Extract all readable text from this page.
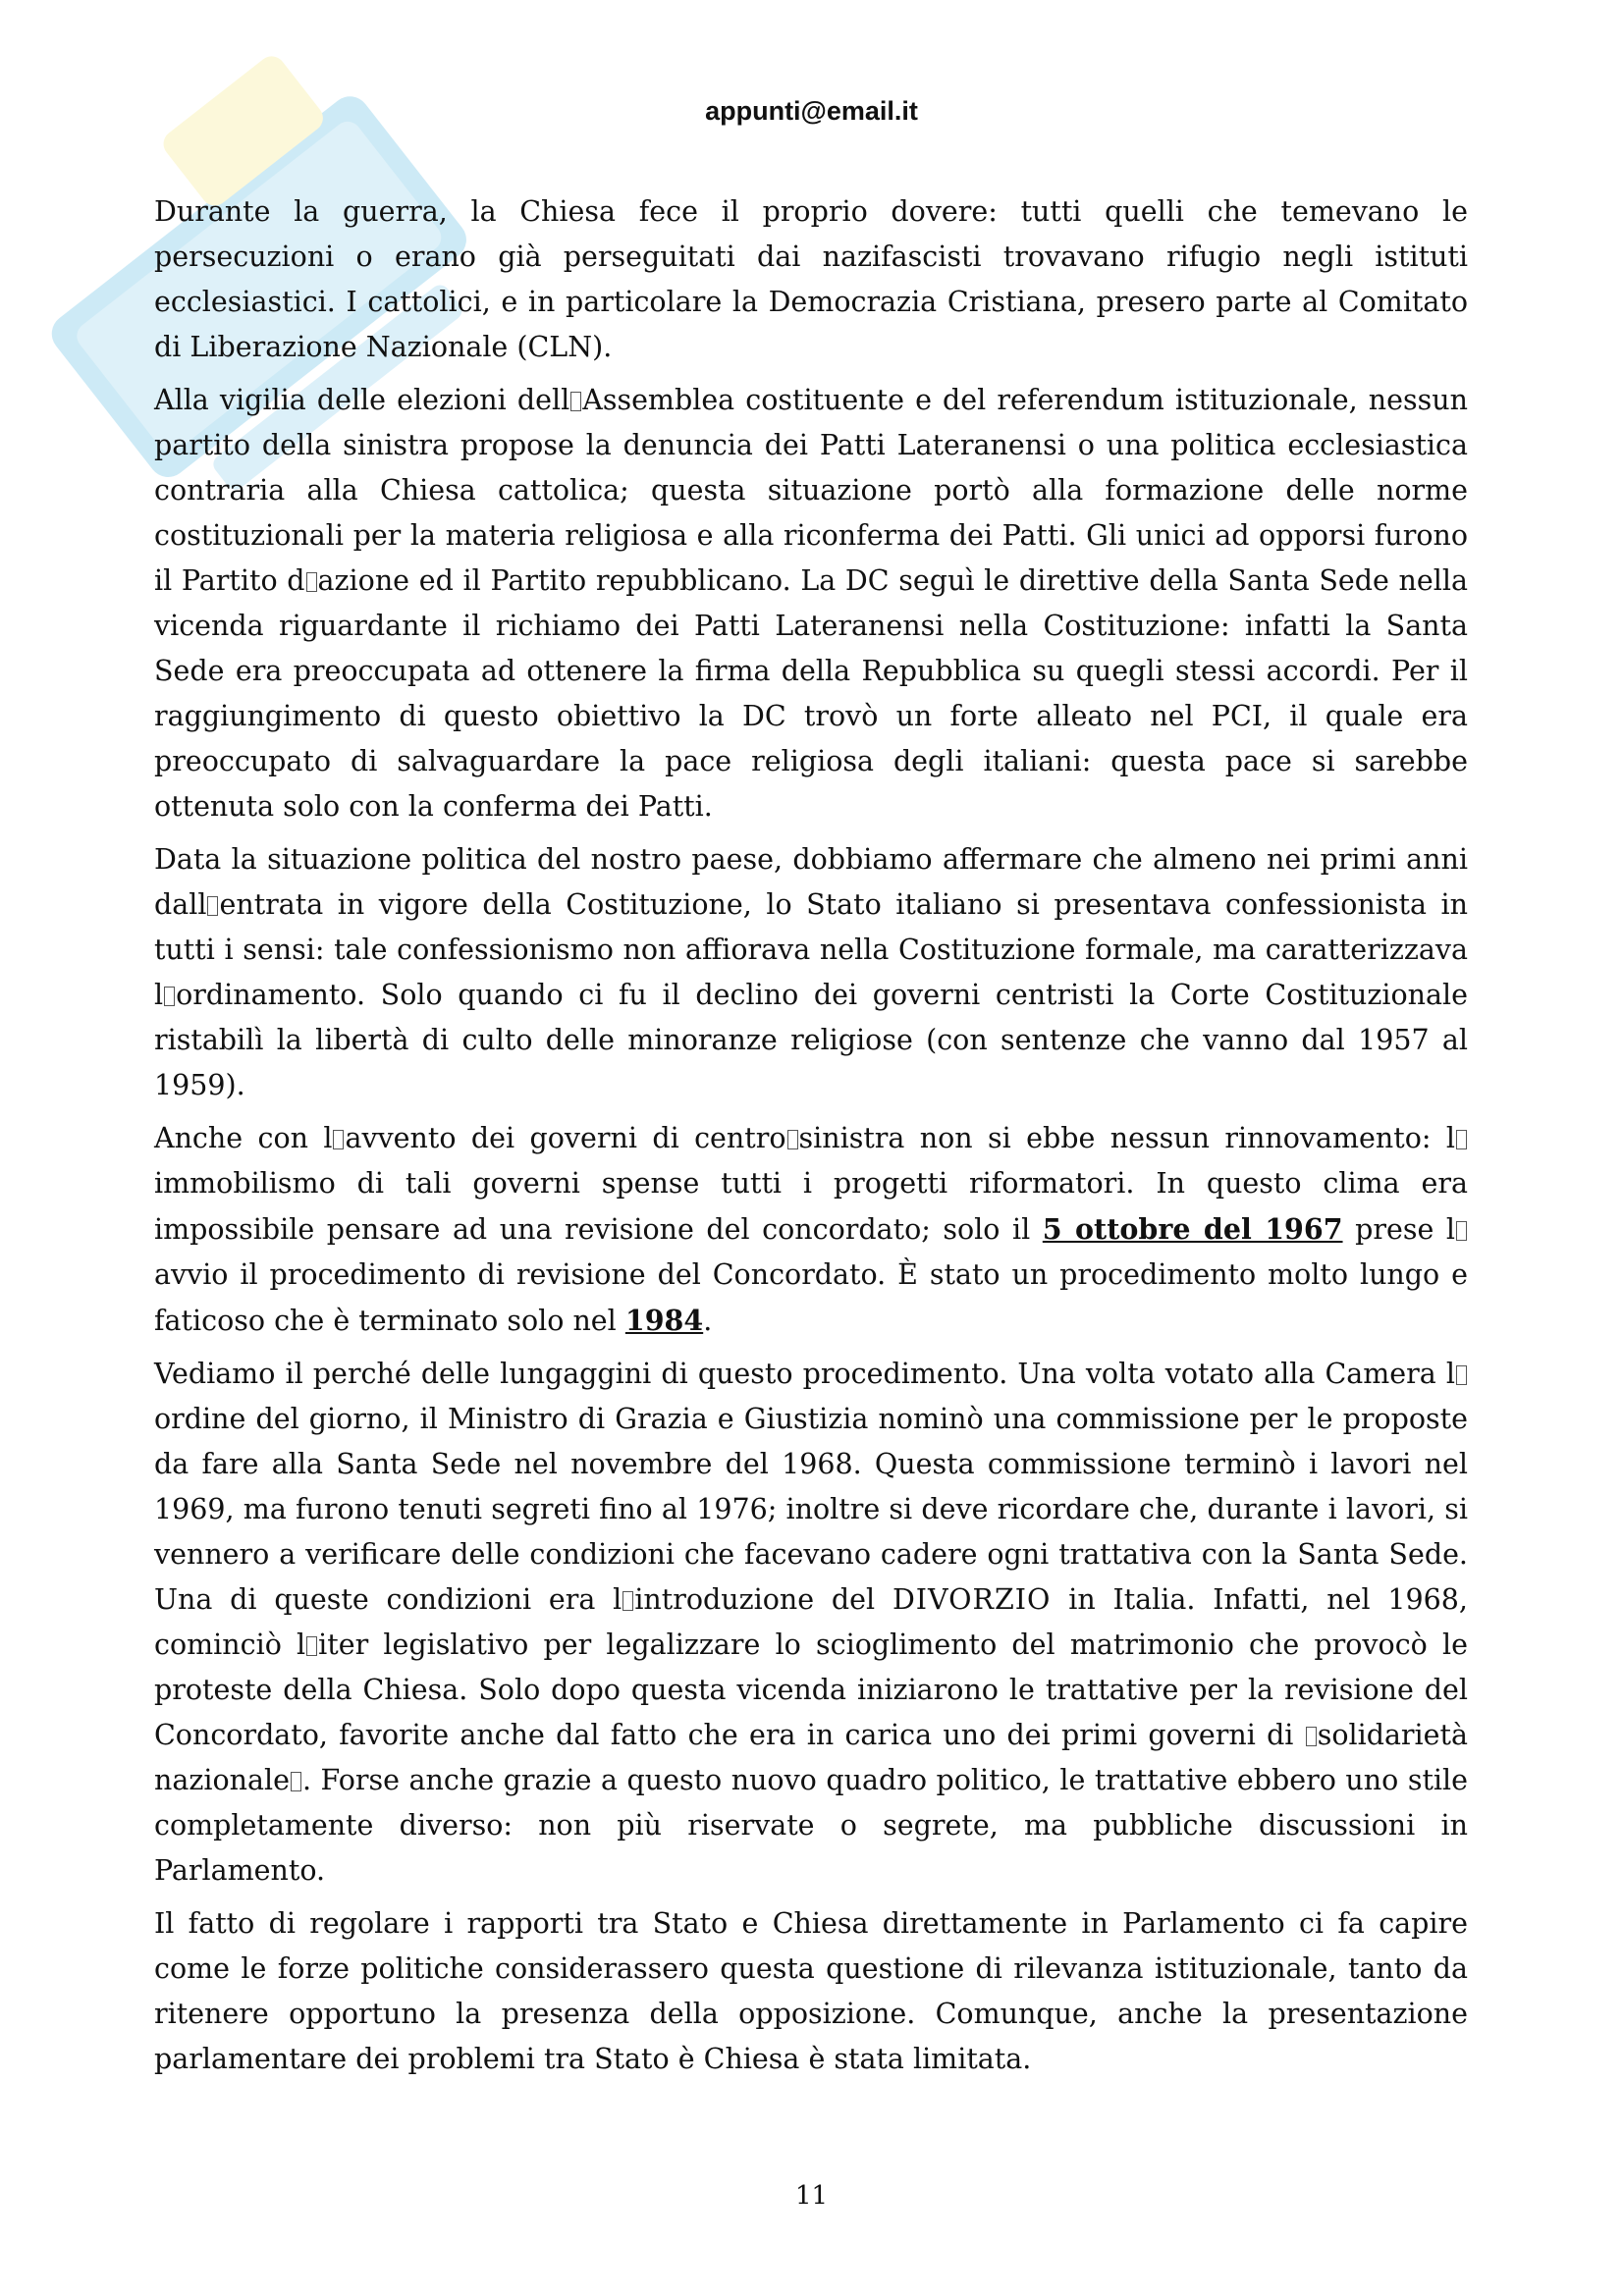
appunti@email.it

Durante la guerra, la Chiesa fece il proprio dovere: tutti quelli che temevano le persecuzioni o erano già perseguitati dai nazifascisti trovavano rifugio negli istituti ecclesiastici. I cattolici, e in particolare la Democrazia Cristiana, presero parte al Comitato di Liberazione Nazionale (CLN).

Alla vigilia delle elezioni dell Assemblea costituente e del referendum istituzionale, nessun partito della sinistra propose la denuncia dei Patti Lateranensi o una politica ecclesiastica contraria alla Chiesa cattolica; questa situazione portò alla formazione delle norme costituzionali per la materia religiosa e alla riconferma dei Patti. Gli unici ad opporsi furono il Partito d azione ed il Partito repubblicano. La DC seguì le direttive della Santa Sede nella vicenda riguardante il richiamo dei Patti Lateranensi nella Costituzione: infatti la Santa Sede era preoccupata ad ottenere la firma della Repubblica su quegli stessi accordi. Per il raggiungimento di questo obiettivo la DC trovò un forte alleato nel PCI, il quale era preoccupato di salvaguardare la pace religiosa degli italiani: questa pace si sarebbe ottenuta solo con la conferma dei Patti.

Data la situazione politica del nostro paese, dobbiamo affermare che almeno nei primi anni dall entrata in vigore della Costituzione, lo Stato italiano si presentava confessionista in tutti i sensi: tale confessionismo non affiorava nella Costituzione formale, ma caratterizzava l ordinamento. Solo quando ci fu il declino dei governi centristi la Corte Costituzionale ristabilì la libertà di culto delle minoranze religiose (con sentenze che vanno dal 1957 al 1959).

Anche con l avvento dei governi di centro sinistra non si ebbe nessun rinnovamento: limmobilismo di tali governi spense tutti i progetti riformatori. In questo clima era impossibile pensare ad una revisione del concordato; solo il 5 ottobre del 1967 prese lavvio il procedimento di revisione del Concordato. È stato un procedimento molto lungo e faticoso che è terminato solo nel 1984.

Vediamo il perché delle lungaggini di questo procedimento. Una volta votato alla Camera lordine del giorno, il Ministro di Grazia e Giustizia nominò una commissione per le proposte da fare alla Santa Sede nel novembre del 1968. Questa commissione terminò i lavori nel 1969, ma furono tenuti segreti fino al 1976; inoltre si deve ricordare che, durante i lavori, si vennero a verificare delle condizioni che facevano cadere ogni trattativa con la Santa Sede. Una di queste condizioni era l introduzione del DIVORZIO in Italia. Infatti, nel 1968, cominciò l iter legislativo per legalizzare lo scioglimento del matrimonio che provocò le proteste della Chiesa. Solo dopo questa vicenda iniziarono le trattative per la revisione del Concordato, favorite anche dal fatto che era in carica uno dei primi governi di solidarietà nazionale . Forse anche grazie a questo nuovo quadro politico, le trattative ebbero uno stile completamente diverso: non più riservate o segrete, ma pubbliche discussioni in Parlamento.

Il fatto di regolare i rapporti tra Stato e Chiesa direttamente in Parlamento ci fa capire come le forze politiche considerassero questa questione di rilevanza istituzionale, tanto da ritenere opportuno la presenza della opposizione. Comunque, anche la presentazione parlamentare dei problemi tra Stato è Chiesa è stata limitata.

11
